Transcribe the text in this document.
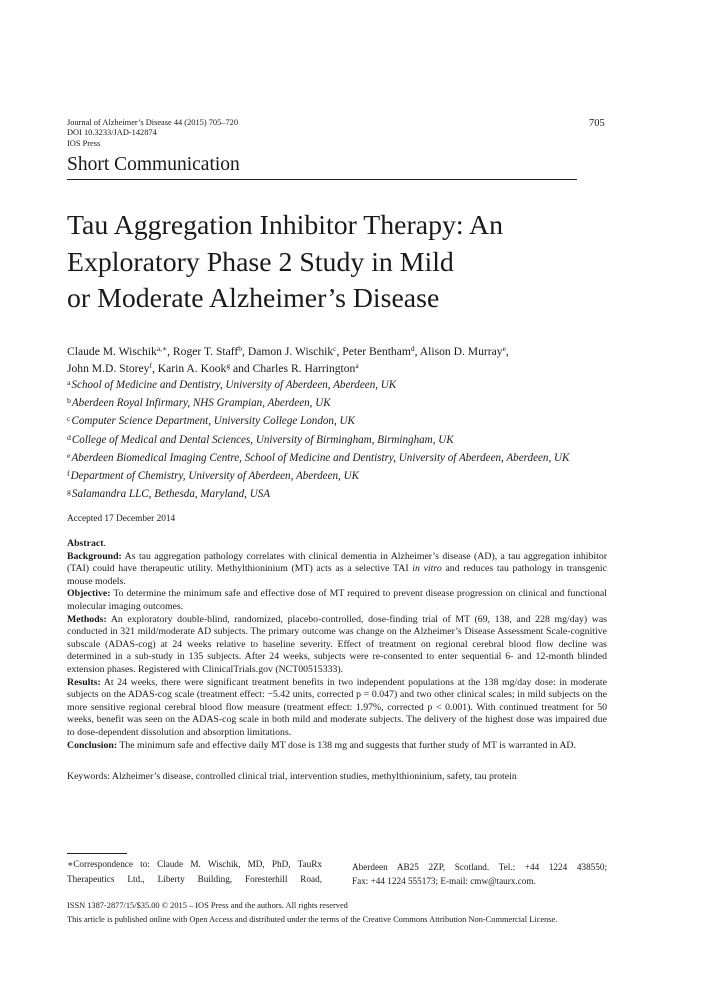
Journal of Alzheimer’s Disease 44 (2015) 705–720
DOI 10.3233/JAD-142874
IOS Press
705
Short Communication
Tau Aggregation Inhibitor Therapy: An
Exploratory Phase 2 Study in Mild
or Moderate Alzheimer’s Disease
Claude M. Wischik$^{a,∗}$, Roger T. Staff$^b$, Damon J. Wischik$^c$, Peter Bentham$^d$, Alison D. Murray$^e$,
John M.D. Storey$^f$, Karin A. Kook$^g$ and Charles R. Harrington$^a$
$^a$School of Medicine and Dentistry, University of Aberdeen, Aberdeen, UK
$^b$Aberdeen Royal Infirmary, NHS Grampian, Aberdeen, UK
$^c$Computer Science Department, University College London, UK
$^d$College of Medical and Dental Sciences, University of Birmingham, Birmingham, UK
$^e$Aberdeen Biomedical Imaging Centre, School of Medicine and Dentistry, University of Aberdeen, Aberdeen, UK
$^f$Department of Chemistry, University of Aberdeen, Aberdeen, UK
$^g$Salamandra LLC, Bethesda, Maryland, USA
Accepted 17 December 2014

Abstract.

Background: As tau aggregation pathology correlates with clinical dementia in Alzheimer’s disease (AD), a tau aggregation inhibitor (TAI) could have therapeutic utility. Methylthioninium (MT) acts as a selective TAI in vitro and reduces tau pathology in transgenic mouse models.

Objective: To determine the minimum safe and effective dose of MT required to prevent disease progression on clinical and functional molecular imaging outcomes.

Methods: An exploratory double-blind, randomized, placebo-controlled, dose-finding trial of MT (69, 138, and 228 mg/day) was conducted in 321 mild/moderate AD subjects. The primary outcome was change on the Alzheimer’s Disease Assessment Scale-cognitive subscale (ADAS-cog) at 24 weeks relative to baseline severity. Effect of treatment on regional cerebral blood flow decline was determined in a sub-study in 135 subjects. After 24 weeks, subjects were re-consented to enter sequential 6- and 12-month blinded extension phases. Registered with ClinicalTrials.gov (NCT00515333).

Results: At 24 weeks, there were significant treatment benefits in two independent populations at the 138 mg/day dose: in moderate subjects on the ADAS-cog scale (treatment effect: −5.42 units, corrected p = 0.047) and two other clinical scales; in mild subjects on the more sensitive regional cerebral blood flow measure (treatment effect: 1.97%, corrected p < 0.001). With continued treatment for 50 weeks, benefit was seen on the ADAS-cog scale in both mild and moderate subjects. The delivery of the highest dose was impaired due to dose-dependent dissolution and absorption limitations.

Conclusion: The minimum safe and effective daily MT dose is 138 mg and suggests that further study of MT is warranted in AD.

Keywords: Alzheimer’s disease, controlled clinical trial, intervention studies, methylthioninium, safety, tau protein
∗Correspondence to: Claude M. Wischik, MD, PhD, TauRx
Therapeutics Ltd., Liberty Building, Foresterhill Road,
Aberdeen AB25 2ZP, Scotland. Tel.: +44 1224 438550;
Fax: +44 1224 555173; E-mail: cmw@taurx.com.
ISSN 1387-2877/15/$35.00 © 2015 – IOS Press and the authors. All rights reserved
This article is published online with Open Access and distributed under the terms of the Creative Commons Attribution Non-Commercial License.
